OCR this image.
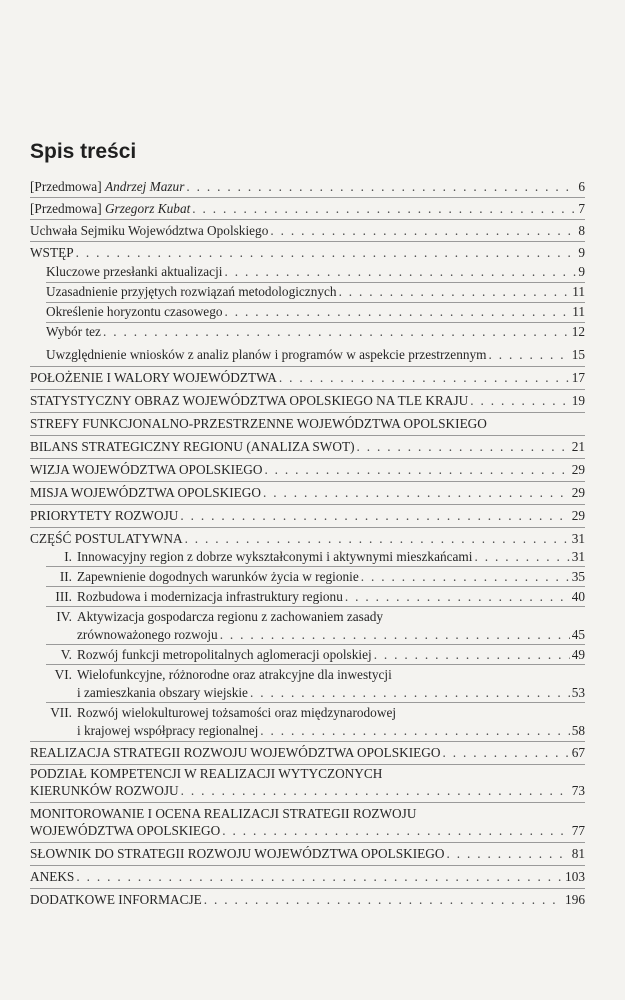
Spis treści
[Przedmowa] Andrzej Mazur . . .	6
[Przedmowa] Grzegorz Kubat . . .	7
Uchwała Sejmiku Województwa Opolskiego . . .	8
WSTĘP . . .	9
Kluczowe przesłanki aktualizacji . . .	9
Uzasadnienie przyjętych rozwiązań metodologicznych . . .	11
Określenie horyzontu czasowego . . .	11
Wybór tez . . .	12
Uwzględnienie wniosków z analiz planów i programów w aspekcie przestrzennym . . .	15
POŁOŻENIE I WALORY WOJEWÓDZTWA . . .	17
STATYSTYCZNY OBRAZ WOJEWÓDZTWA OPOLSKIEGO NA TLE KRAJU . . .	19
STREFY FUNKCJONALNO-PRZESTRZENNE WOJEWÓDZTWA OPOLSKIEGO
BILANS STRATEGICZNY REGIONU (ANALIZA SWOT) . . .	21
WIZJA WOJEWÓDZTWA OPOLSKIEGO . . .	29
MISJA WOJEWÓDZTWA OPOLSKIEGO . . .	29
PRIORYTETY ROZWOJU . . .	29
CZĘŚĆ POSTULATYWNA . . .	31
I. Innowacyjny region z dobrze wykształconymi i aktywnymi mieszkańcami . . .	31
II. Zapewnienie dogodnych warunków życia w regionie . . .	35
III. Rozbudowa i modernizacja infrastruktury regionu . . .	40
IV. Aktywizacja gospodarcza regionu z zachowaniem zasady
zrównoważonego rozwoju . . .	45
V. Rozwój funkcji metropolitalnych aglomeracji opolskiej . . .	49
VI. Wielofunkcyjne, różnorodne oraz atrakcyjne dla inwestycji
i zamieszkania obszary wiejskie . . .	53
VII. Rozwój wielokulturowej tożsamości oraz międzynarodowej
i krajowej współpracy regionalnej . . .	58
REALIZACJA STRATEGII ROZWOJU WOJEWÓDZTWA OPOLSKIEGO . . .	67
PODZIAŁ KOMPETENCJI W REALIZACJI WYTYCZONYCH
KIERUNKÓW ROZWOJU . . .	73
MONITOROWANIE I OCENA REALIZACJI STRATEGII ROZWOJU
WOJEWÓDZTWA OPOLSKIEGO . . .	77
SŁOWNIK DO STRATEGII ROZWOJU WOJEWÓDZTWA OPOLSKIEGO . . .	81
ANEKS . . .	103
DODATKOWE INFORMACJE . . .	196
